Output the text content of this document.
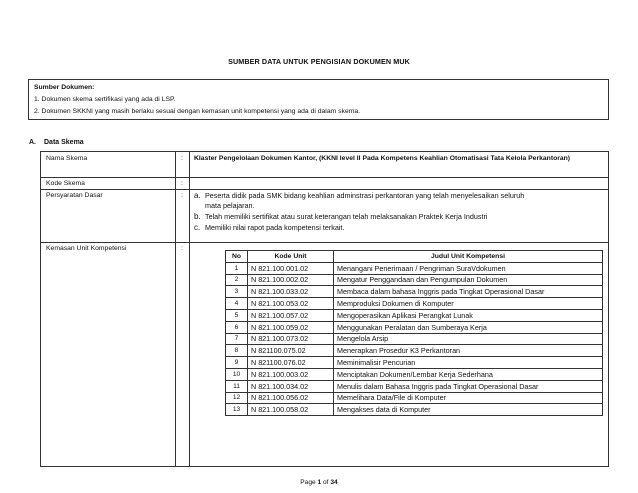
SUMBER DATA UNTUK PENGISIAN DOKUMEN MUK
Sumber Dokumen:
1. Dokumen skema sertifikasi yang ada di LSP.
2. Dokumen SKKNI yang masih berlaku sesuai dengan kemasan unit kompetensi yang ada di dalam skema.
A. Data Skema
Nama Skema	: Klaster Pengelolaan Dokumen Kantor, (KKNI level II Pada Kompetens Keahlian Otomatisasi Tata Kelola Perkantoran)
Kode Skema	:
Persyaratan Dasar	: a. Peserta didik pada SMK bidang keahlian adminstrasi perkantoran yang telah menyelesaikan seluruh
mata pelajaran.
b. Telah memiliki sertifikat atau surat keterangan telah melaksanakan Praktek Kerja Industri
c. Memiliki nilai rapot pada kompetensi terkait.
Kemasan Unit Kompetensi	:
No	Kode Unit	Judul Unit Kompetensi
1	N 821.100.001.02	Menangani Penerimaan / Pengriman SuraVdokumen
2	N 821.100.002.02	Mengatur Penggandaan dan Pengumpulan Dokumen
3	N 821.100.033.02	Membaca dalam bahasa Inggris pada Tingkat Operasional Dasar
4	N 821.100.053.02	Memproduksi Dokumen di Komputer
5	N 821.100.057.02	Mengoperasikan Aplikasi Perangkat Lunak
6	N 821.100.059.02	Menggunakan Peralatan dan Sumberaya Kerja
7	N 821.100.073.02	Mengelola Arsip
8	N 821100.075.02	Menerapkan Prosedur K3 Perkantoran
9	N 821100.076.02	Meminimalisir Pencurian
10	N 821.100.003.02	Menciptakan Dokumen/Lembar Kerja Sederhana
11	N 821.100.034.02	Menulis dalam Bahasa Inggris pada Tingkat Operasional Dasar
12	N 821.100.056.02	Memelihara Data/File di Komputer
13	N 821.100.058.02	Mengakses data di Komputer
Page 1 of 34
